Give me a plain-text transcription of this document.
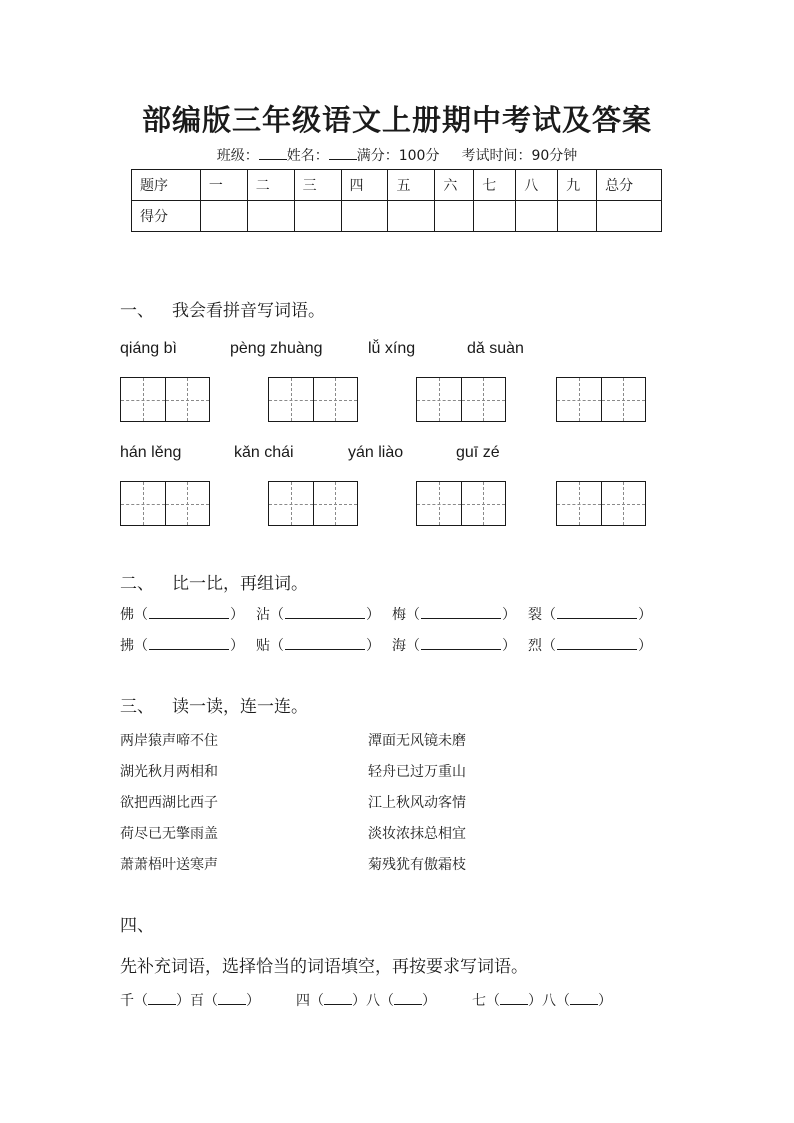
部编版三年级语文上册期中考试及答案
班级： 姓名： 满分：100分 考试时间：90分钟
题序	一	二	三	四	五	六	七	八	九	总分
得分										
一、 我会看拼音写词语。
qiáng bì	pèng zhuàng	lǚ xíng	dǎ suàn
hán lěng	kǎn chái	yán liào	guī zé
二、 比一比，再组词。
佛（	） 沾（	） 梅（	） 裂（	）
拂（	） 贴（	） 海（	） 烈（	）
三、 读一读，连一连。
两岸猿声啼不住
湖光秋月两相和
欲把西湖比西子
荷尽已无擎雨盖
萧萧梧叶送寒声
潭面无风镜未磨
轻舟已过万重山
江上秋风动客情
淡妆浓抹总相宜
菊残犹有傲霜枝
四、
先补充词语，选择恰当的词语填空，再按要求写词语。
千（ ）百（ ）	四（ ）八（ ）	七（ ）八（ ）
